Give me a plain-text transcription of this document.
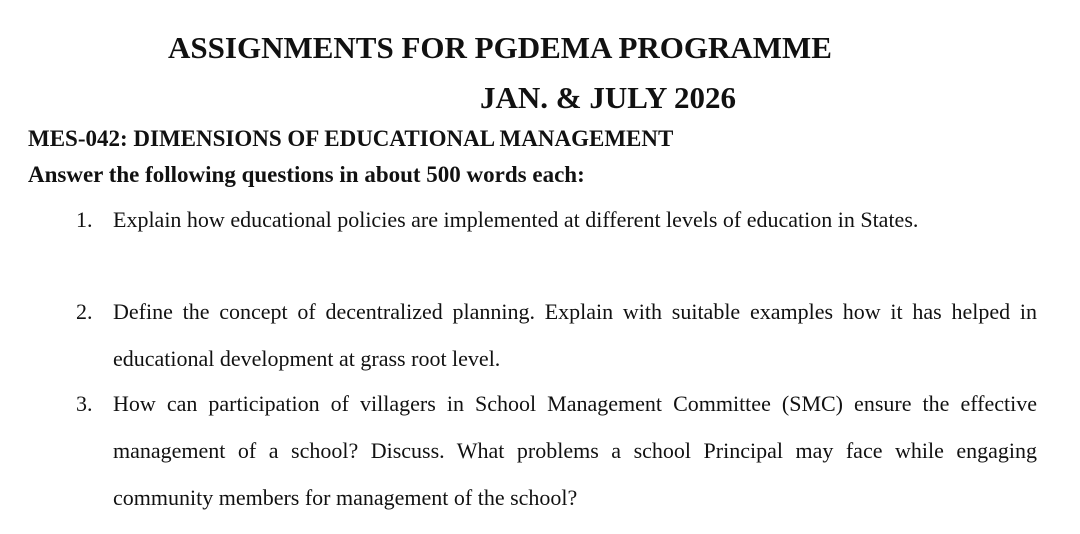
ASSIGNMENTS FOR PGDEMA PROGRAMME
JAN. & JULY 2026
MES-042: DIMENSIONS OF EDUCATIONAL MANAGEMENT
Answer the following questions in about 500 words each:
1. Explain how educational policies are implemented at different levels of education in States.
2. Define the concept of decentralized planning. Explain with suitable examples how it has helped in educational development at grass root level.
3. How can participation of villagers in School Management Committee (SMC) ensure the effective management of a school? Discuss. What problems a school Principal may face while engaging community members for management of the school?
